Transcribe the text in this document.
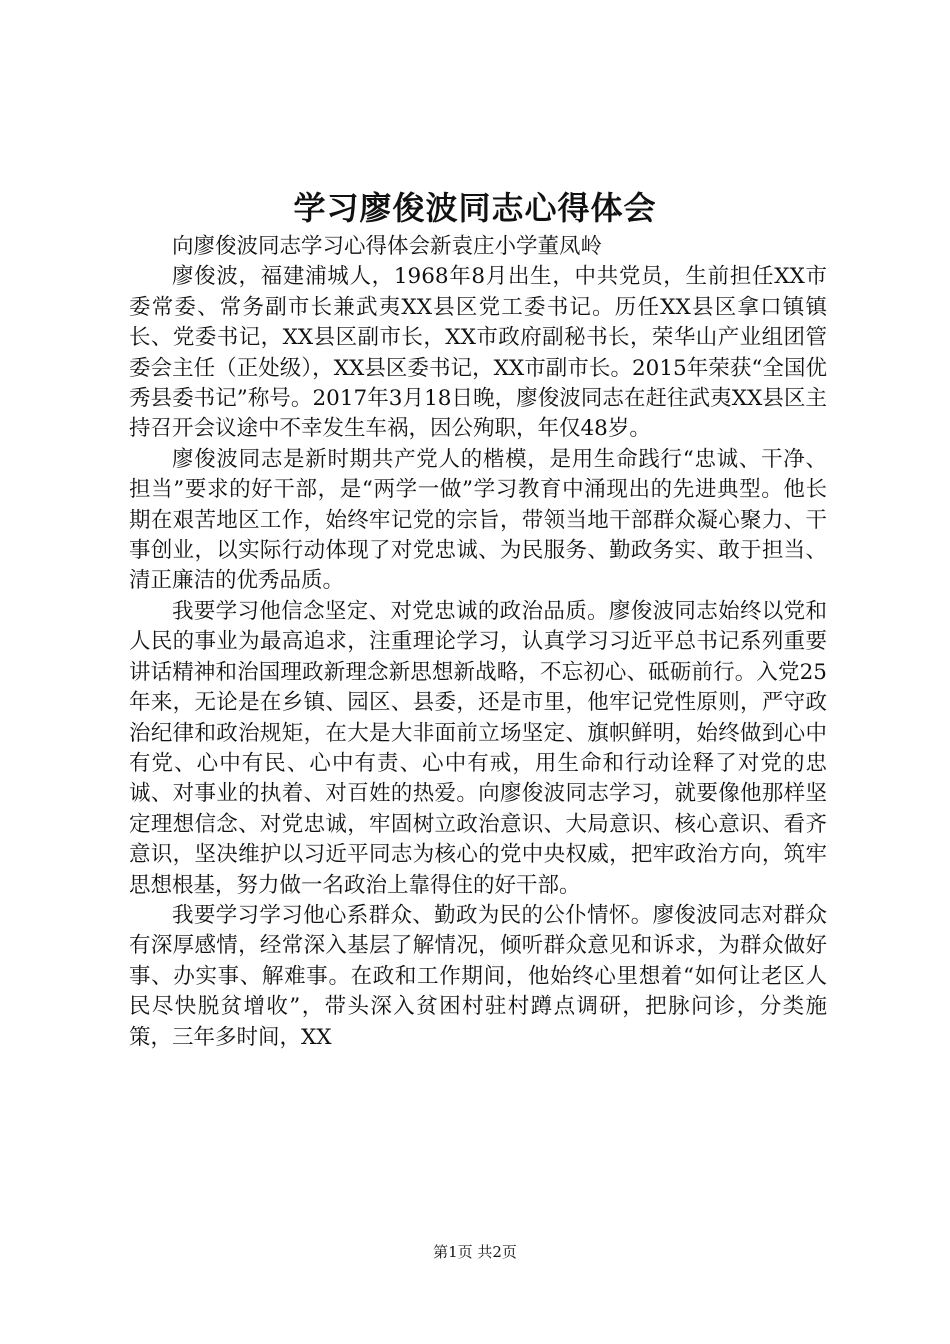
学习廖俊波同志心得体会

向廖俊波同志学习心得体会新袁庄小学董凤岭

廖俊波，福建浦城人，1968年8月出生，中共党员，生前担任XX市委常委、常务副市长兼武夷XX县区党工委书记。历任XX县区拿口镇镇长、党委书记，XX县区副市长，XX市政府副秘书长，荣华山产业组团管委会主任（正处级），XX县区委书记，XX市副市长。2015年荣获“全国优秀县委书记”称号。2017年3月18日晚，廖俊波同志在赶往武夷XX县区主持召开会议途中不幸发生车祸，因公殉职，年仅48岁。

廖俊波同志是新时期共产党人的楷模，是用生命践行“忠诚、干净、担当”要求的好干部，是“两学一做”学习教育中涌现出的先进典型。他长期在艰苦地区工作，始终牢记党的宗旨，带领当地干部群众凝心聚力、干事创业，以实际行动体现了对党忠诚、为民服务、勤政务实、敢于担当、清正廉洁的优秀品质。

我要学习他信念坚定、对党忠诚的政治品质。廖俊波同志始终以党和人民的事业为最高追求，注重理论学习，认真学习习近平总书记系列重要讲话精神和治国理政新理念新思想新战略，不忘初心、砥砺前行。入党25年来，无论是在乡镇、园区、县委，还是市里，他牢记党性原则，严守政治纪律和政治规矩，在大是大非面前立场坚定、旗帜鲜明，始终做到心中有党、心中有民、心中有责、心中有戒，用生命和行动诠释了对党的忠诚、对事业的执着、对百姓的热爱。向廖俊波同志学习，就要像他那样坚定理想信念、对党忠诚，牢固树立政治意识、大局意识、核心意识、看齐意识，坚决维护以习近平同志为核心的党中央权威，把牢政治方向，筑牢思想根基，努力做一名政治上靠得住的好干部。

我要学习学习他心系群众、勤政为民的公仆情怀。廖俊波同志对群众有深厚感情，经常深入基层了解情况，倾听群众意见和诉求，为群众做好事、办实事、解难事。在政和工作期间，他始终心里想着“如何让老区人民尽快脱贫增收”，带头深入贫困村驻村蹲点调研，把脉问诊，分类施策，三年多时间，XX

第1页 共2页
